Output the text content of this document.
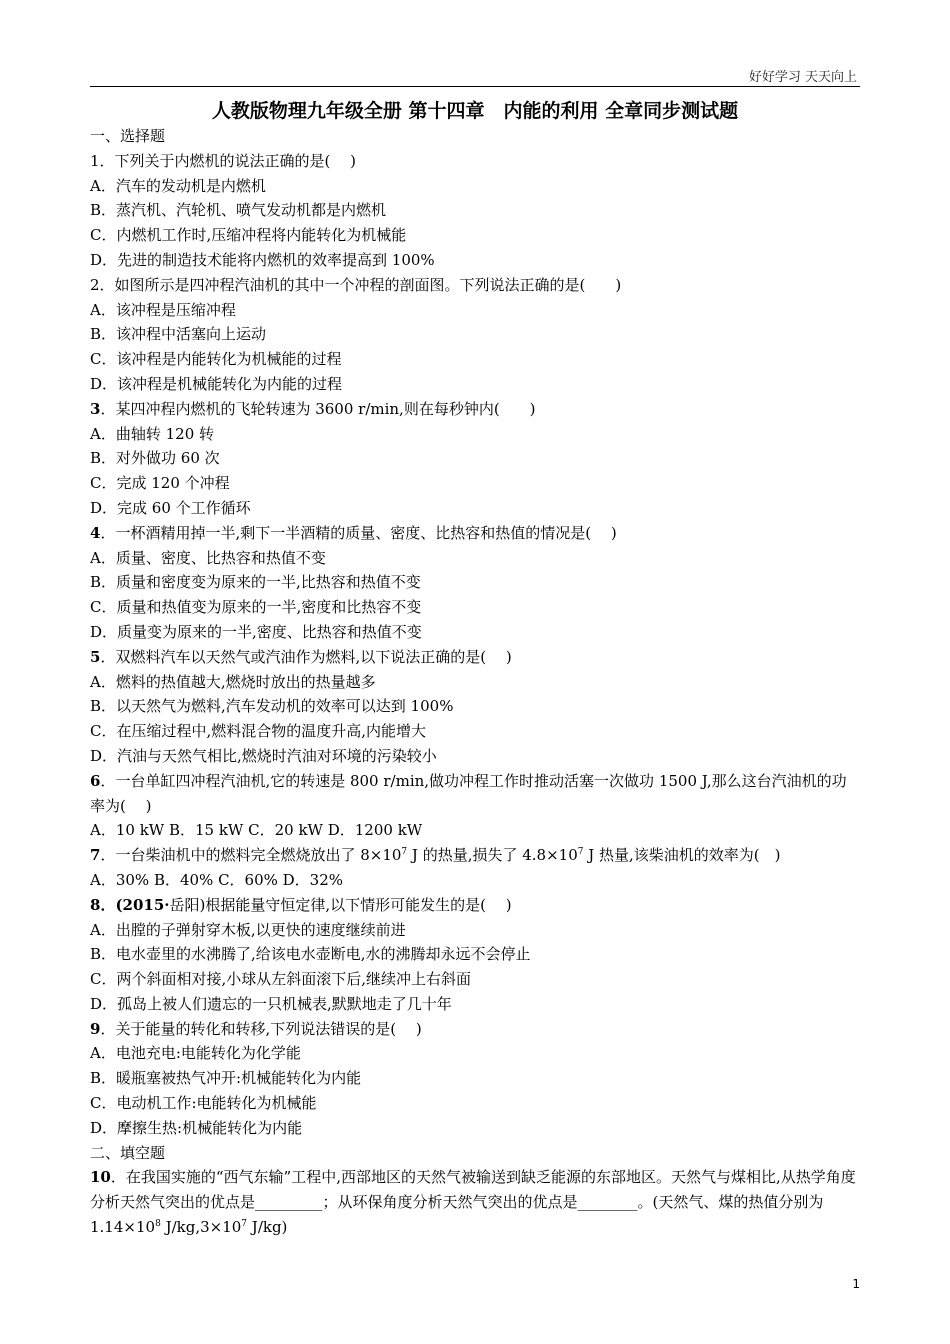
好好学习 天天向上
人教版物理九年级全册 第十四章　内能的利用 全章同步测试题
一、选择题
1．下列关于内燃机的说法正确的是(　 )
A．汽车的发动机是内燃机
B．蒸汽机、汽轮机、喷气发动机都是内燃机
C．内燃机工作时,压缩冲程将内能转化为机械能
D．先进的制造技术能将内燃机的效率提高到 100%
2．如图所示是四冲程汽油机的其中一个冲程的剖面图。下列说法正确的是(　　)
A．该冲程是压缩冲程
B．该冲程中活塞向上运动
C．该冲程是内能转化为机械能的过程
D．该冲程是机械能转化为内能的过程
3．某四冲程内燃机的飞轮转速为 3600 r/min,则在每秒钟内(　　)
A．曲轴转 120 转
B．对外做功 60 次
C．完成 120 个冲程
D．完成 60 个工作循环
4．一杯酒精用掉一半,剩下一半酒精的质量、密度、比热容和热值的情况是(　 )
A．质量、密度、比热容和热值不变
B．质量和密度变为原来的一半,比热容和热值不变
C．质量和热值变为原来的一半,密度和比热容不变
D．质量变为原来的一半,密度、比热容和热值不变
5．双燃料汽车以天然气或汽油作为燃料,以下说法正确的是(　 )
A．燃料的热值越大,燃烧时放出的热量越多
B．以天然气为燃料,汽车发动机的效率可以达到 100%
C．在压缩过程中,燃料混合物的温度升高,内能增大
D．汽油与天然气相比,燃烧时汽油对环境的污染较小
6．一台单缸四冲程汽油机,它的转速是 800 r/min,做功冲程工作时推动活塞一次做功 1500 J,那么这台汽油机的功率为(　 )
A．10 kW B．15 kW C．20 kW D．1200 kW
7．一台柴油机中的燃料完全燃烧放出了 $8\times 10^7$ J 的热量,损失了 $4.8\times 10^7$ J 热量,该柴油机的效率为(　)
A．30% B．40% C．60% D．32%
8．(2015·岳阳)根据能量守恒定律,以下情形可能发生的是(　 )
A．出膛的子弹射穿木板,以更快的速度继续前进
B．电水壶里的水沸腾了,给该电水壶断电,水的沸腾却永远不会停止
C．两个斜面相对接,小球从左斜面滚下后,继续冲上右斜面
D．孤岛上被人们遗忘的一只机械表,默默地走了几十年
9．关于能量的转化和转移,下列说法错误的是(　 )
A．电池充电:电能转化为化学能
B．暖瓶塞被热气冲开:机械能转化为内能
C．电动机工作:电能转化为机械能
D．摩擦生热:机械能转化为内能
二、填空题
10．在我国实施的“西气东输”工程中,西部地区的天然气被输送到缺乏能源的东部地区。天然气与煤相比,从热学角度分析天然气突出的优点是_________；从环保角度分析天然气突出的优点是________。(天然气、煤的热值分别为 $1.14\times 10^8$ $J/kg,3\times 10^7$ J/kg)
1
